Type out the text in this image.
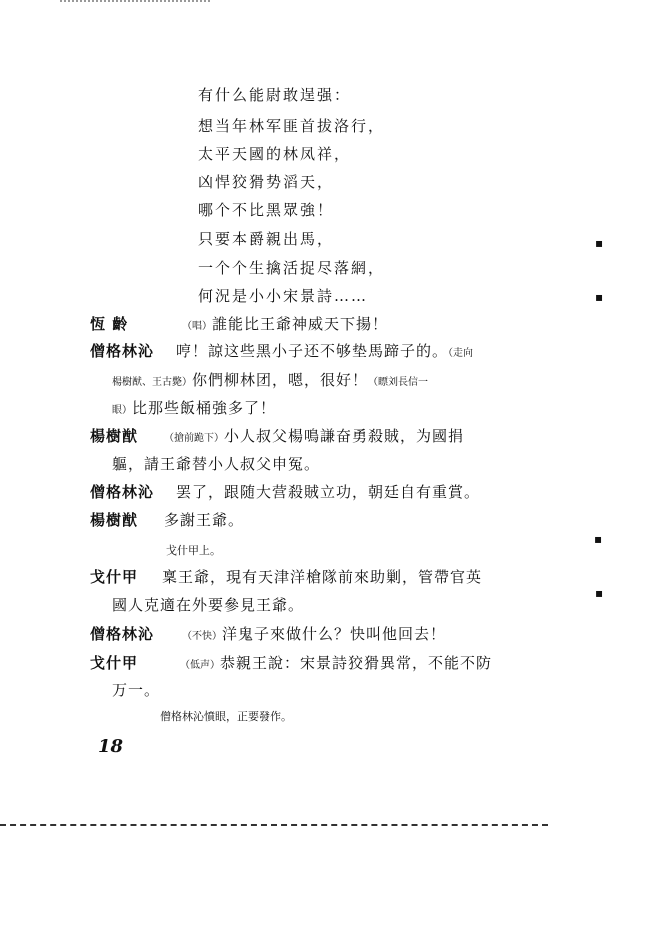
有什么能尉敢逞强：
想当年林军匪首拔洛行，
太平天國的林凤祥，
凶悍狡猾势滔天，
哪个不比黑眾強！
只要本爵親出馬，
一个个生擒活捉尽落網，
何況是小小宋景詩……
恆 齡	（唱）誰能比王爺神威天下揚！
僧格林沁 哼！諒这些黑小子还不够垫馬蹄子的。（走向
楊樹猷、王古斃）你們柳林团，嗯，很好！（瞟刘長信一
眼）比那些飯桶強多了！
楊樹猷	（搶前跪下）小人叔父楊鳴謙奋勇殺賊，为國捐
軀，請王爺替小人叔父申冤。
僧格林沁 罢了，跟随大营殺賊立功，朝廷自有重賞。
楊樹猷 多謝王爺。
戈什甲上。
戈什甲 稟王爺，現有天津洋槍隊前來助剿，管帶官英
國人克適在外要參見王爺。
僧格林沁	（不快）洋鬼子來做什么？快叫他回去！
戈什甲	（低声）恭親王說：宋景詩狡猾異常，不能不防
万一。
僧格林沁憤眼，正要發作。
18
▪
▪
▪
▪
